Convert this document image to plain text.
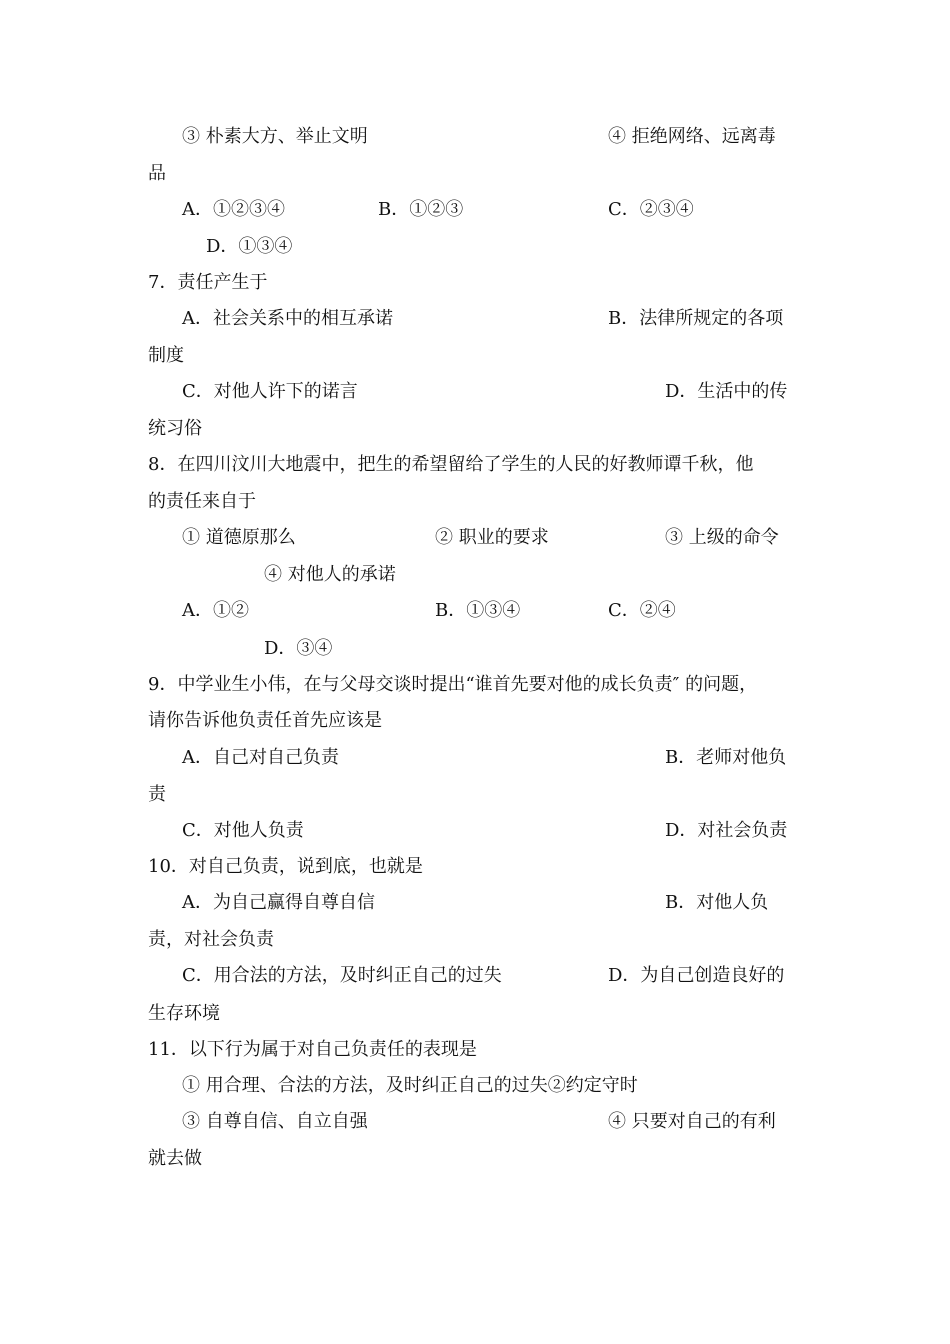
③ 朴素大方、举止文明	④ 拒绝网络、远离毒
品
A．①②③④	B．①②③	C．②③④
D．①③④
7．责任产生于
A．社会关系中的相互承诺	B．法律所规定的各项
制度
C．对他人许下的诺言	D．生活中的传
统习俗
8．在四川汶川大地震中，把生的希望留给了学生的人民的好教师谭千秋，他
的责任来自于
① 道德原那么	② 职业的要求	③ 上级的命令
④ 对他人的承诺
A．①②	B．①③④	C．②④
D．③④
9．中学业生小伟，在与父母交谈时提出“谁首先要对他的成长负责″ 的问题，
请你告诉他负责任首先应该是
A．自己对自己负责	B．老师对他负
责
C．对他人负责	D．对社会负责
10．对自己负责，说到底，也就是
A．为自己赢得自尊自信	B．对他人负
责，对社会负责
C．用合法的方法，及时纠正自己的过失	D．为自己创造良好的
生存环境
11．以下行为属于对自己负责任的表现是
① 用合理、合法的方法，及时纠正自己的过失②约定守时
③ 自尊自信、自立自强	④ 只要对自己的有利
就去做
